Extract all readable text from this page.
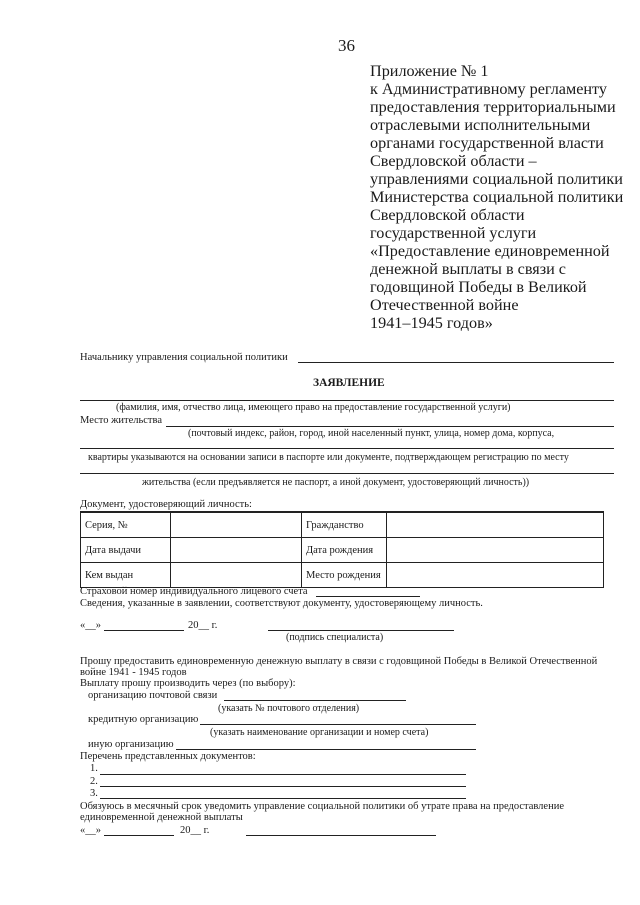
36
Приложение № 1
к Административному регламенту
предоставления территориальными
отраслевыми исполнительными
органами государственной власти
Свердловской области –
управлениями социальной политики
Министерства социальной политики
Свердловской области
государственной услуги
«Предоставление единовременной
денежной выплаты в связи с
годовщиной Победы в Великой
Отечественной войне
1941–1945 годов»
Начальнику управления социальной политики
ЗАЯВЛЕНИЕ
(фамилия, имя, отчество лица, имеющего право на предоставление государственной услуги)
Место жительства
(почтовый индекс, район, город, иной населенный пункт, улица, номер дома, корпуса,
квартиры указываются на основании записи в паспорте или документе, подтверждающем регистрацию по месту
жительства (если предъявляется не паспорт, а иной документ, удостоверяющий личность))
Документ, удостоверяющий личность:
Серия, №		Гражданство	
Дата выдачи		Дата рождения	
Кем выдан		Место рождения	
Страховой номер индивидуального лицевого счета
Сведения, указанные в заявлении, соответствуют документу, удостоверяющему личность.
«__»	20__ г.
(подпись специалиста)
Прошу предоставить единовременную денежную выплату в связи с годовщиной Победы в Великой Отечественной
войне 1941 - 1945 годов
Выплату прошу производить через (по выбору):
организацию почтовой связи
(указать № почтового отделения)
кредитную организацию
(указать наименование организации и номер счета)
иную организацию
Перечень представленных документов:
1.
2.
3.
Обязуюсь в месячный срок уведомить управление социальной политики об утрате права на предоставление
единовременной денежной выплаты
«__»	20__ г.
